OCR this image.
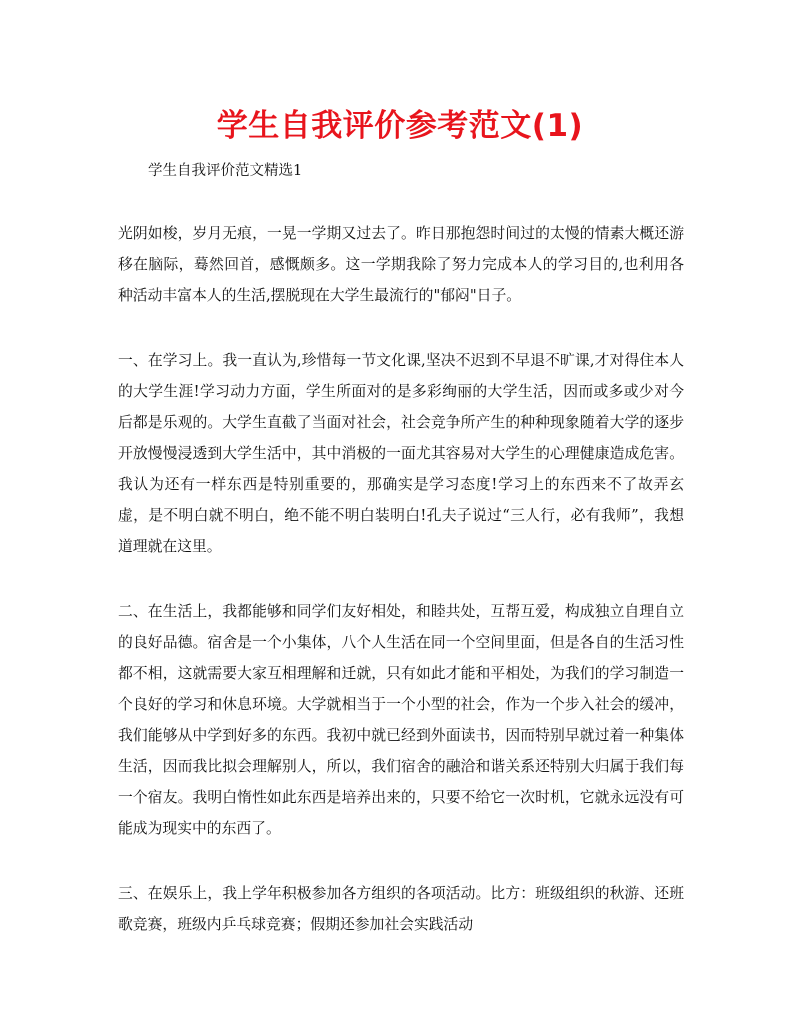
学生自我评价参考范文(1)

学生自我评价范文精选1

光阴如梭，岁月无痕，一晃一学期又过去了。昨日那抱怨时间过的太慢的情素大概还游移在脑际，蓦然回首，感慨颇多。这一学期我除了努力完成本人的学习目的,也利用各种活动丰富本人的生活,摆脱现在大学生最流行的"郁闷"日子。

一、在学习上。我一直认为,珍惜每一节文化课,坚决不迟到不早退不旷课,才对得住本人的大学生涯!学习动力方面，学生所面对的是多彩绚丽的大学生活，因而或多或少对今后都是乐观的。大学生直截了当面对社会，社会竞争所产生的种种现象随着大学的逐步开放慢慢浸透到大学生活中，其中消极的一面尤其容易对大学生的心理健康造成危害。我认为还有一样东西是特别重要的，那确实是学习态度!学习上的东西来不了故弄玄虚，是不明白就不明白，绝不能不明白装明白!孔夫子说过“三人行，必有我师”，我想道理就在这里。

二、在生活上，我都能够和同学们友好相处，和睦共处，互帮互爱，构成独立自理自立的良好品德。宿舍是一个小集体，八个人生活在同一个空间里面，但是各自的生活习性都不相，这就需要大家互相理解和迁就，只有如此才能和平相处，为我们的学习制造一个良好的学习和休息环境。大学就相当于一个小型的社会，作为一个步入社会的缓冲，我们能够从中学到好多的东西。我初中就已经到外面读书，因而特别早就过着一种集体生活，因而我比拟会理解别人，所以，我们宿舍的融洽和谐关系还特别大归属于我们每一个宿友。我明白惰性如此东西是培养出来的，只要不给它一次时机，它就永远没有可能成为现实中的东西了。

三、在娱乐上，我上学年积极参加各方组织的各项活动。比方：班级组织的秋游、还班歌竞赛，班级内乒乓球竞赛；假期还参加社会实践活动
